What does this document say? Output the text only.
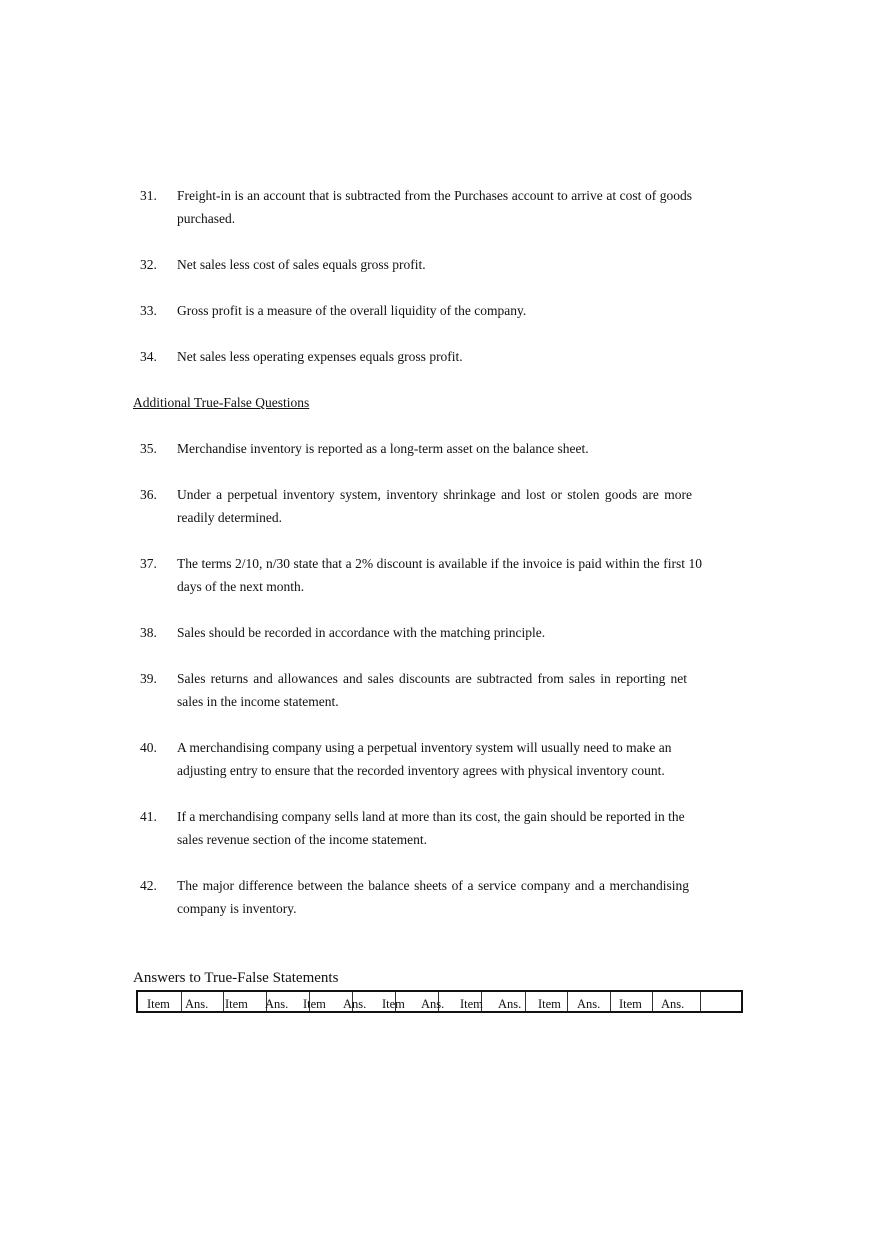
31. Freight-in is an account that is subtracted from the Purchases account to arrive at cost of goods purchased.
32. Net sales less cost of sales equals gross profit.
33. Gross profit is a measure of the overall liquidity of the company.
34. Net sales less operating expenses equals gross profit.
Additional True-False Questions
35. Merchandise inventory is reported as a long-term asset on the balance sheet.
36. Under a perpetual inventory system, inventory shrinkage and lost or stolen goods are more readily determined.
37. The terms 2/10, n/30 state that a 2% discount is available if the invoice is paid within the first 10 days of the next month.
38. Sales should be recorded in accordance with the matching principle.
39. Sales returns and allowances and sales discounts are subtracted from sales in reporting net sales in the income statement.
40. A merchandising company using a perpetual inventory system will usually need to make an adjusting entry to ensure that the recorded inventory agrees with physical inventory count.
41. If a merchandising company sells land at more than its cost, the gain should be reported in the sales revenue section of the income statement.
42. The major difference between the balance sheets of a service company and a merchandising company is inventory.
Answers to True-False Statements
Item Ans. Item Ans. Item Ans. Item Ans. Item Ans. Item Ans. Item Ans.
